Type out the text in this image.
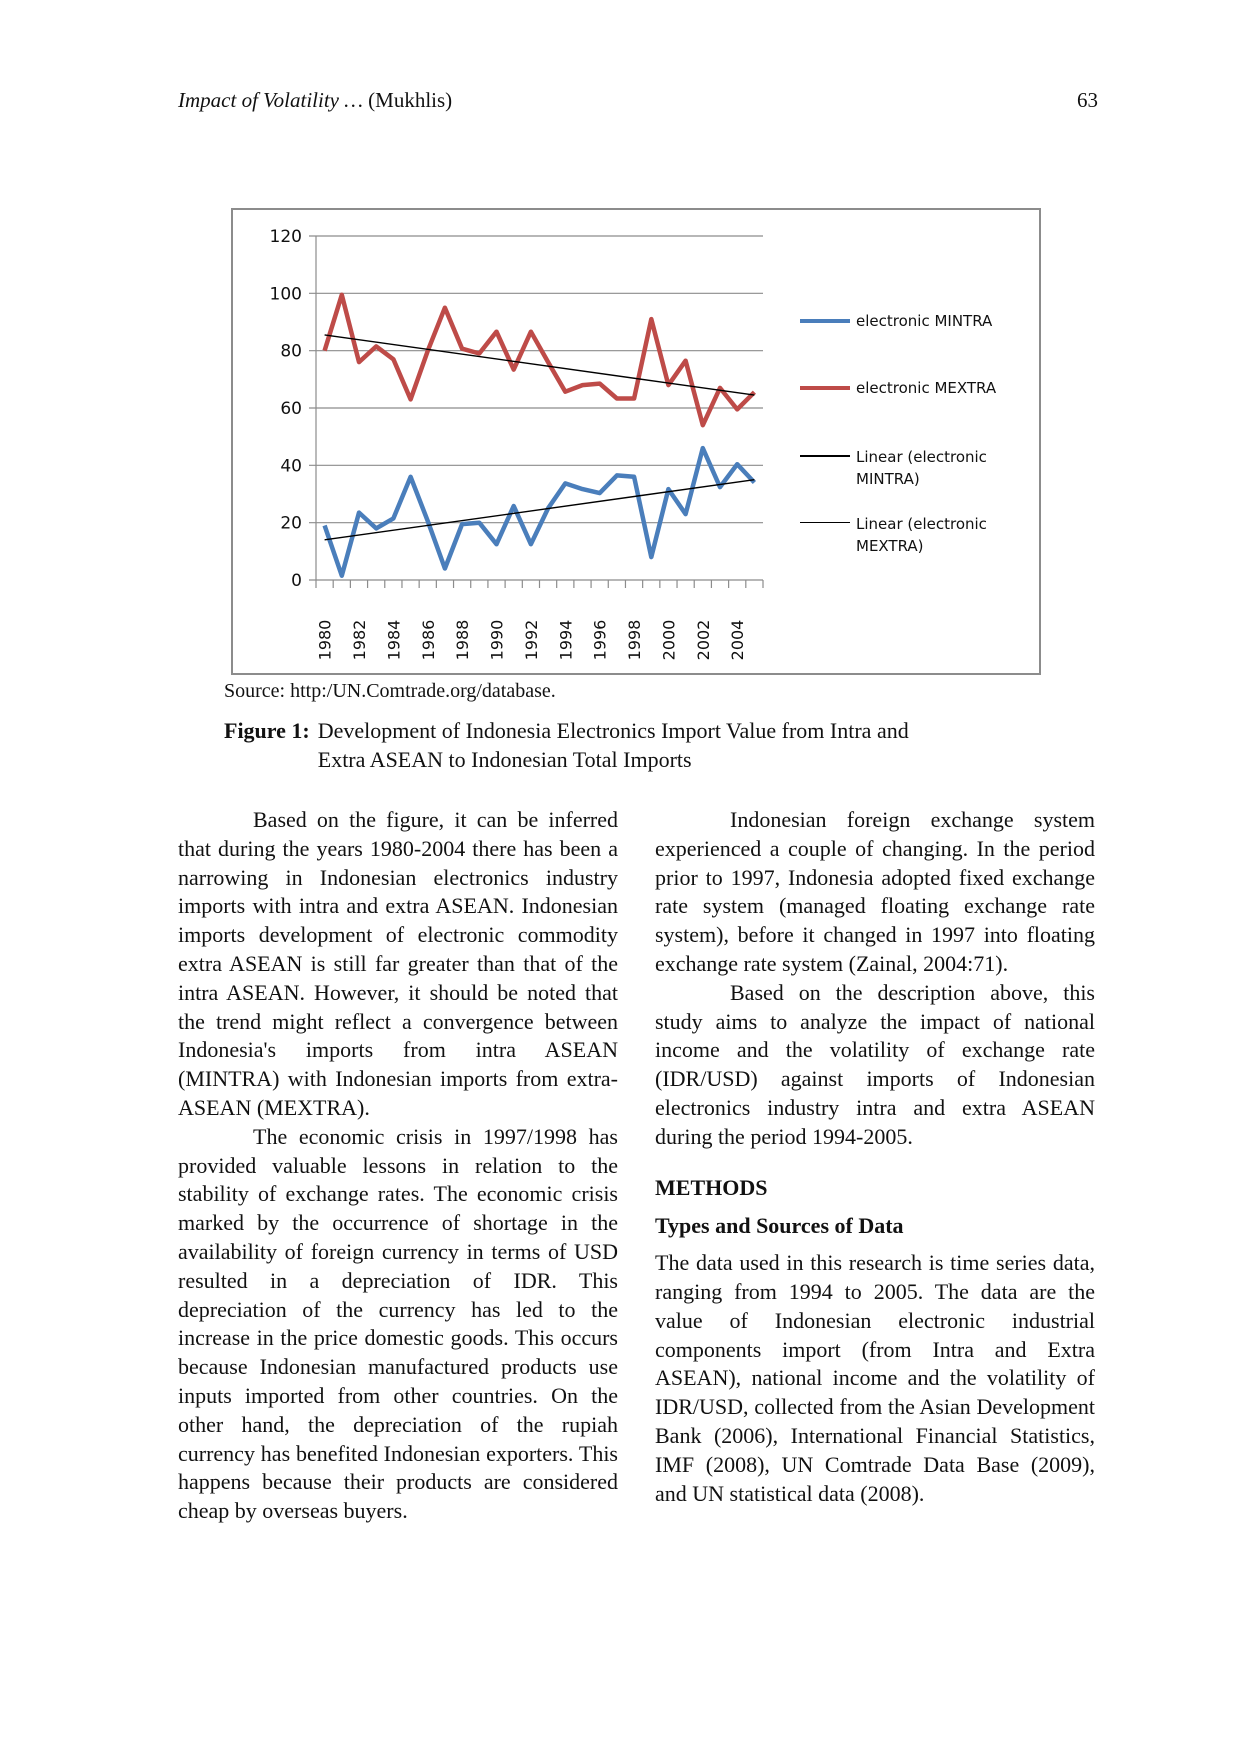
Impact of Volatility … (Mukhlis)	63
0
20
40
60
80
100
120
1980 1982 1984 1986 1988 1990 1992 1994 1996 1998 2000 2002 2004
electronic MINTRA
electronic MEXTRA
Linear (electronic
MINTRA)
Linear (electronic
MEXTRA)
Source: http:/UN.Comtrade.org/database.
Figure 1: Development of Indonesia Electronics Import Value from Intra and Extra ASEAN to Indonesian Total Imports

Based on the figure, it can be inferred that during the years 1980-2004 there has been a narrowing in Indonesian electronics industry imports with intra and extra ASEAN. Indonesian imports development of electronic commodity extra ASEAN is still far greater than that of the intra ASEAN. However, it should be noted that the trend might reflect a convergence between Indonesia's imports from intra ASEAN (MINTRA) with Indonesian imports from extra-ASEAN (MEXTRA).

The economic crisis in 1997/1998 has provided valuable lessons in relation to the stability of exchange rates. The economic crisis marked by the occurrence of shortage in the availability of foreign currency in terms of USD resulted in a depreciation of IDR. This depreciation of the currency has led to the increase in the price domestic goods. This occurs because Indonesian manufactured products use inputs imported from other countries. On the other hand, the depreciation of the rupiah currency has benefited Indonesian exporters. This happens because their products are considered cheap by overseas buyers.

Indonesian foreign exchange system experienced a couple of changing. In the period prior to 1997, Indonesia adopted fixed exchange rate system (managed floating exchange rate system), before it changed in 1997 into floating exchange rate system (Zainal, 2004:71).

Based on the description above, this study aims to analyze the impact of national income and the volatility of exchange rate (IDR/USD) against imports of Indonesian electronics industry intra and extra ASEAN during the period 1994-2005.

METHODS
Types and Sources of Data

The data used in this research is time series data, ranging from 1994 to 2005. The data are the value of Indonesian electronic industrial components import (from Intra and Extra ASEAN), national income and the volatility of IDR/USD, collected from the Asian Development Bank (2006), International Financial Statistics, IMF (2008), UN Comtrade Data Base (2009), and UN statistical data (2008).
